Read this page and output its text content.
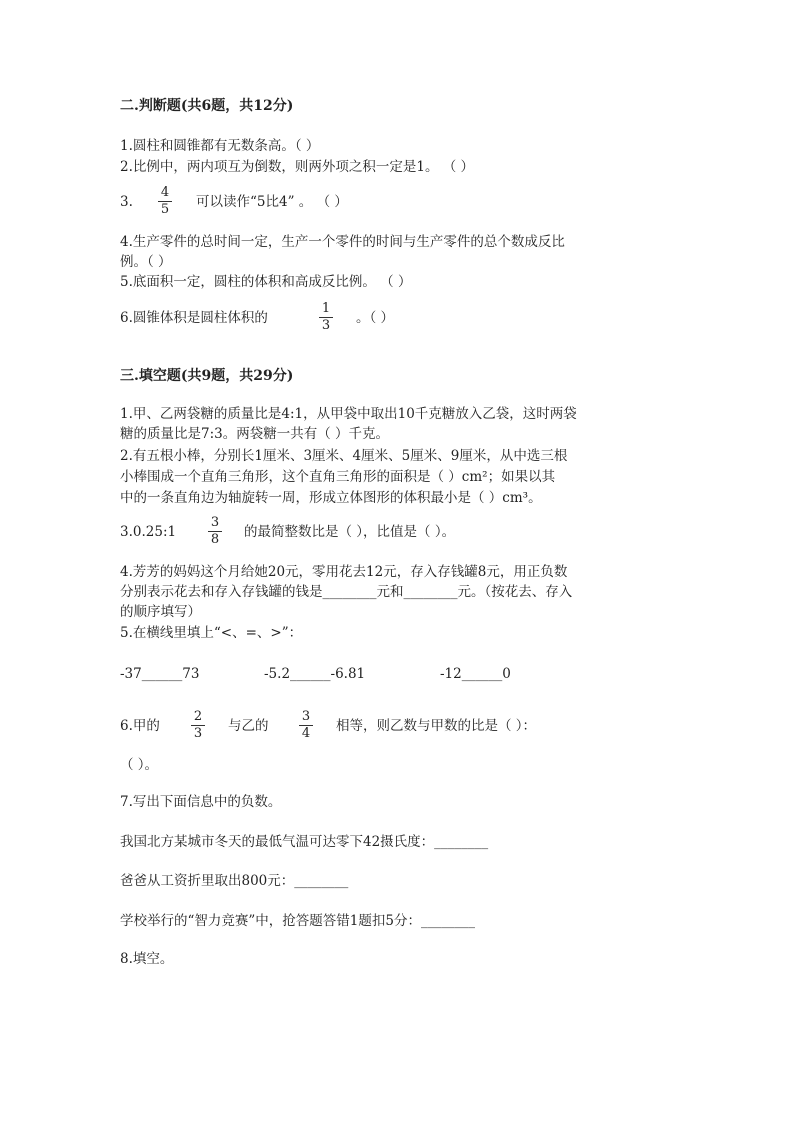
二.判断题(共6题，共12分)
1.圆柱和圆锥都有无数条高。（ ）
2.比例中，两内项互为倒数，则两外项之积一定是1。 （ ）
3.
4
5 可以读作“5比4” 。 （ ）
4.生产零件的总时间一定，生产一个零件的时间与生产零件的总个数成反比
例。（ ）
5.底面积一定，圆柱的体积和高成反比例。 （ ）
6.圆锥体积是圆柱体积的
1
3 。（ ）
三.填空题(共9题，共29分)
1.甲、乙两袋糖的质量比是4:1，从甲袋中取出10千克糖放入乙袋，这时两袋
糖的质量比是7:3。两袋糖一共有（ ）千克。
2.有五根小棒，分别长1厘米、3厘米、4厘米、5厘米、9厘米，从中选三根
小棒围成一个直角三角形，这个直角三角形的面积是（ ）cm²；如果以其
中的一条直角边为轴旋转一周，形成立体图形的体积最小是（ ）cm³。
3.0.25:1
3
8 的最简整数比是（ ），比值是（ ）。
4.芳芳的妈妈这个月给她20元，零用花去12元，存入存钱罐8元，用正负数
分别表示花去和存入存钱罐的钱是________元和________元。（按花去、存入
的顺序填写）
5.在横线里填上“<、=、>”：
-37______73	-5.2______-6.81	-12______0
6.甲的
2
3 与乙的
3
4 相等，则乙数与甲数的比是（ ）：
（ ）。
7.写出下面信息中的负数。
我国北方某城市冬天的最低气温可达零下42摄氏度：________
爸爸从工资折里取出800元：________
学校举行的“智力竞赛”中，抢答题答错1题扣5分：________
8.填空。
